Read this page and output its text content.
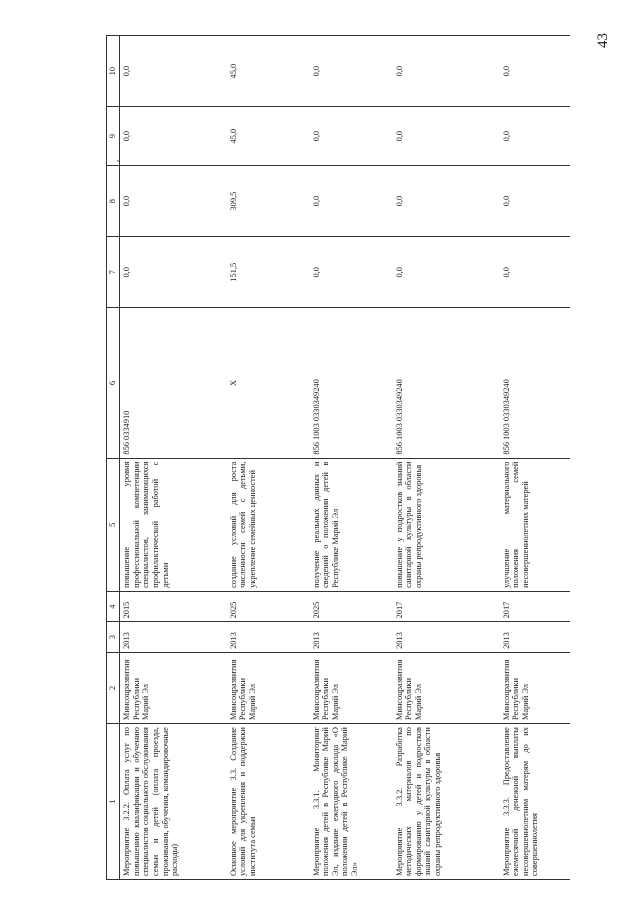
43
1	2	3	4	5	6	7	8	9	10
Мероприятие 3.2.2. Оплата услуг по повышению квалификации и обучению специалистов социального обслуживания семьи и детей (оплата проезда, проживания, обучения, командировочные расходы)	Минсоцразвития Республики Марий Эл	2013	2015	повышение уровня профессиональной компетенции специалистов, занимающихся профилактической работой с детьми	856 0334910	0,0	0,0	0,0	0,0
Основное мероприятие 3.3. Создание условий для укрепления и поддержки института семьи	Минсоцразвития Республики Марий Эл	2013	2025	создание условий для роста численности семей с детьми, укрепление семейных ценностей	Х	151,5	309,5	45,0	45,0
Мероприятие 3.3.1. Мониторинг положения детей в Республике Марий Эл, издание ежегодного доклада «О положении детей в Республике Марий Эл»	Минсоцразвития Республики Марий Эл	2013	2025	получение реальных данных и сведений о положении детей в Республике Марий Эл	856 1003 0330349240	0,0	0,0	0,0	0,0
Мероприятие 3.3.2. Разработка методических материалов по формированию у детей и подростков знаний санитарной культуры в области охраны репродуктивного здоровья	Минсоцразвития Республики Марий Эл	2013	2017	повышение у подростков знаний санитарной культуры в области охраны репродуктивного здоровья	856 1003 0330349240	0,0	0,0	0,0	0,0
Мероприятие 3.3.3. Предоставление ежемесячной денежной выплаты несовершеннолетним матерям до их совершеннолетия	Минсоцразвития Республики Марий Эл	2013	2017	улучшение материального положения семей несовершеннолетних матерей	856 1003 0330349240	0,0	0,0	0,0	0,0
